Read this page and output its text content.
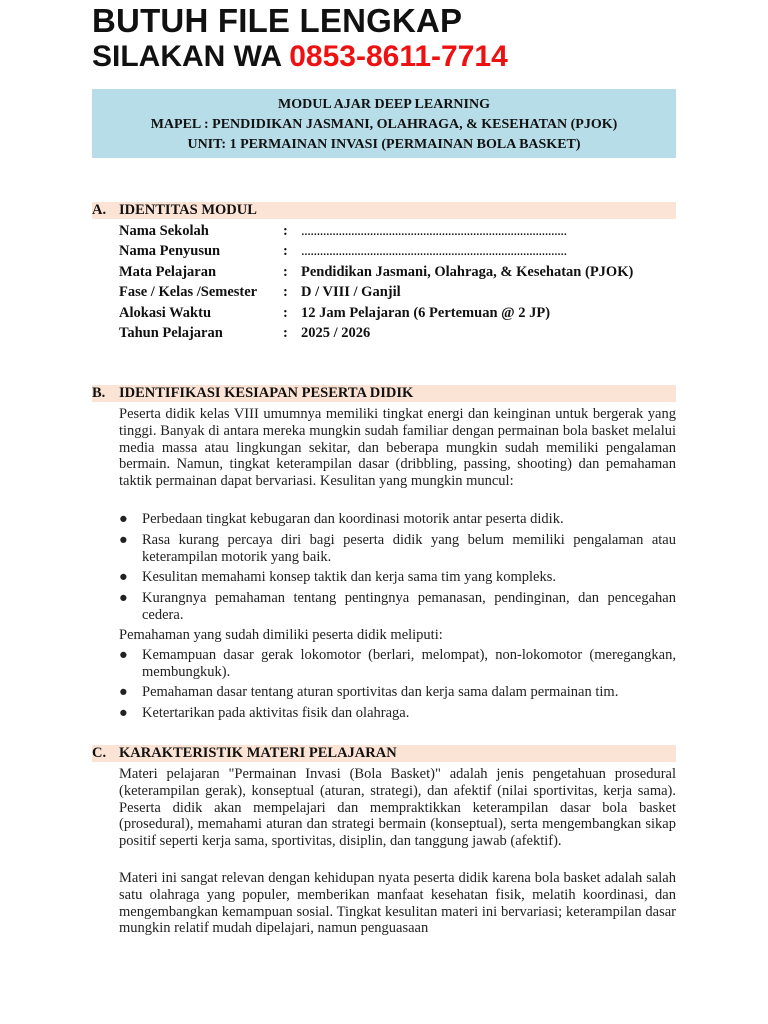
BUTUH FILE LENGKAP
SILAKAN WA 0853-8611-7714
MODUL AJAR DEEP LEARNING
MAPEL : PENDIDIKAN JASMANI, OLAHRAGA, & KESEHATAN (PJOK)
UNIT: 1 PERMAINAN INVASI (PERMAINAN BOLA BASKET)
A. IDENTITAS MODUL
Nama Sekolah	: .....................................................................................
Nama Penyusun	: .....................................................................................
Mata Pelajaran	: Pendidikan Jasmani, Olahraga, & Kesehatan (PJOK)
Fase / Kelas /Semester : D / VIII / Ganjil
Alokasi Waktu	: 12 Jam Pelajaran (6 Pertemuan @ 2 JP)
Tahun Pelajaran	: 2025 / 2026
B. IDENTIFIKASI KESIAPAN PESERTA DIDIK
Peserta didik kelas VIII umumnya memiliki tingkat energi dan keinginan untuk bergerak yang tinggi. Banyak di antara mereka mungkin sudah familiar dengan permainan bola basket melalui media massa atau lingkungan sekitar, dan beberapa mungkin sudah memiliki pengalaman bermain. Namun, tingkat keterampilan dasar (dribbling, passing, shooting) dan pemahaman taktik permainan dapat bervariasi. Kesulitan yang mungkin muncul:
● Perbedaan tingkat kebugaran dan koordinasi motorik antar peserta didik.
● Rasa kurang percaya diri bagi peserta didik yang belum memiliki pengalaman atau keterampilan motorik yang baik.
● Kesulitan memahami konsep taktik dan kerja sama tim yang kompleks.
● Kurangnya pemahaman tentang pentingnya pemanasan, pendinginan, dan pencegahan cedera.
Pemahaman yang sudah dimiliki peserta didik meliputi:
● Kemampuan dasar gerak lokomotor (berlari, melompat), non-lokomotor (meregangkan, membungkuk).
● Pemahaman dasar tentang aturan sportivitas dan kerja sama dalam permainan tim.
● Ketertarikan pada aktivitas fisik dan olahraga.
C. KARAKTERISTIK MATERI PELAJARAN
Materi pelajaran "Permainan Invasi (Bola Basket)" adalah jenis pengetahuan prosedural (keterampilan gerak), konseptual (aturan, strategi), dan afektif (nilai sportivitas, kerja sama). Peserta didik akan mempelajari dan mempraktikkan keterampilan dasar bola basket (prosedural), memahami aturan dan strategi bermain (konseptual), serta mengembangkan sikap positif seperti kerja sama, sportivitas, disiplin, dan tanggung jawab (afektif).
Materi ini sangat relevan dengan kehidupan nyata peserta didik karena bola basket adalah salah satu olahraga yang populer, memberikan manfaat kesehatan fisik, melatih koordinasi, dan mengembangkan kemampuan sosial. Tingkat kesulitan materi ini bervariasi; keterampilan dasar mungkin relatif mudah dipelajari, namun penguasaan
